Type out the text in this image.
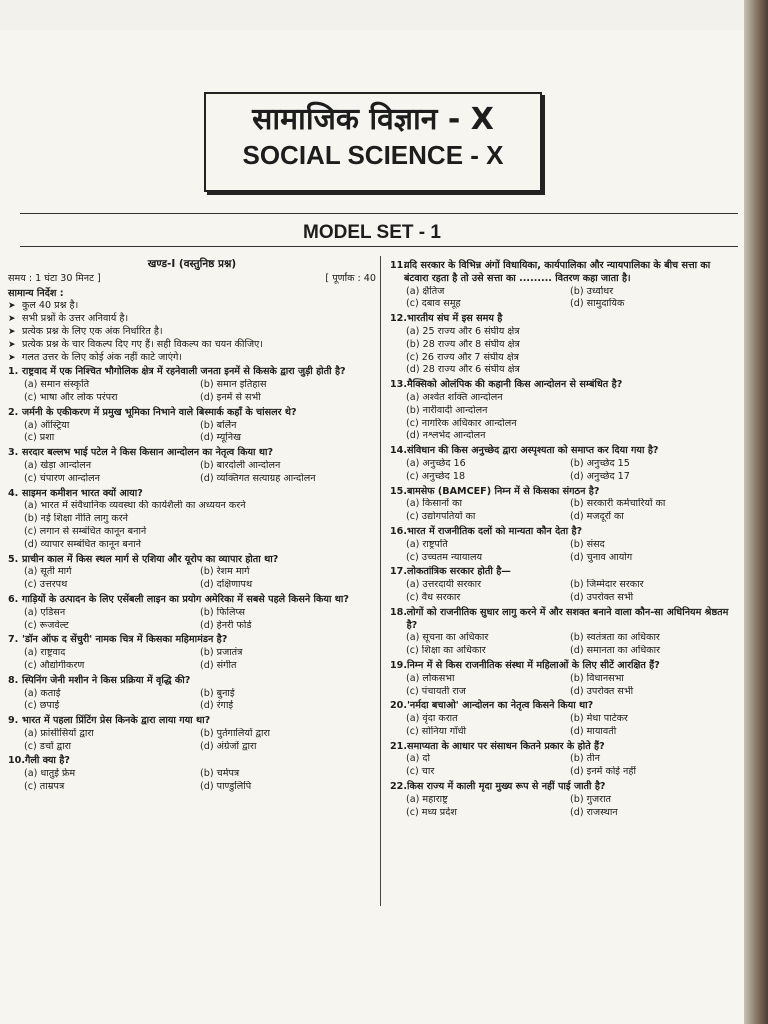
सामाजिक विज्ञान - X
SOCIAL SCIENCE - X
MODEL SET - 1
खण्ड-I (वस्तुनिष्ठ प्रश्न)
समय : 1 घंटा 30 मिनट ]	[ पूर्णांक : 40
सामान्य निर्देश :
➤ कुल 40 प्रश्न है।
➤ सभी प्रश्नों के उत्तर अनिवार्य है।
➤ प्रत्येक प्रश्न के लिए एक अंक निर्धारित है।
➤ प्रत्येक प्रश्न के चार विकल्प दिए गए हैं। सही विकल्प का चयन कीजिए।
➤ गलत उत्तर के लिए कोई अंक नहीं काटे जाएंगे।
1. राष्ट्रवाद में एक निश्चित भौगोलिक क्षेत्र में रहनेवाली जनता इनमें से किसके द्वारा जुड़ी होती है?
(a) समान संस्कृति	(b) समान इतिहास
(c) भाषा और लोक परंपरा	(d) इनमें से सभी
2. जर्मनी के एकीकरण में प्रमुख भूमिका निभाने वाले बिस्मार्क कहाँ के चांसलर थे?
(a) ऑस्ट्रिया	(b) बर्लिन
(c) प्रशा	(d) म्यूनिख
3. सरदार बल्लभ भाई पटेल ने किस किसान आन्दोलन का नेतृत्व किया था?
(a) खेड़ा आन्दोलन	(b) बारदोली आन्दोलन
(c) चंपारण आन्दोलन	(d) व्यक्तिगत सत्याग्रह आन्दोलन
4. साइमन कमीशन भारत क्यों आया?
(a) भारत में संवैधानिक व्यवस्था की कार्यशैली का अध्ययन करने
(b) नई शिक्षा नीति लागु करने
(c) लगान से सम्बंधित कानून बनाने
(d) व्यापार सम्बंधित कानून बनाने
5. प्राचीन काल में किस स्थल मार्ग से एशिया और यूरोप का व्यापार होता था?
(a) सूती मार्ग	(b) रेशम मार्ग
(c) उत्तरपथ	(d) दक्षिणापथ
6. गाड़ियों के उत्पादन के लिए एसेंबली लाइन का प्रयोग अमेरिका में सबसे पहले किसने किया था?
(a) एडिसन	(b) फिलिप्स
(c) रूजवेल्ट	(d) हेनरी फोर्ड
7. 'डॉन ऑफ द सेंचुरी' नामक चित्र में किसका महिमामंडन है?
(a) राष्ट्रवाद	(b) प्रजातंत्र
(c) औद्योगीकरण	(d) संगीत
8. स्पिनिंग जेनी मशीन ने किस प्रक्रिया में वृद्धि की?
(a) कताई	(b) बुनाई
(c) छपाई	(d) रंगाई
9. भारत में पहला प्रिंटिंग प्रेस किनके द्वारा लाया गया था?
(a) फ्रांसीसियों द्वारा	(b) पुर्तगालियों द्वारा
(c) डचों द्वारा	(d) अंग्रेजों द्वारा
10. गैली क्या है?
(a) धातुई फ्रेम	(b) चर्मपत्र
(c) ताम्रपत्र	(d) पाण्डुलिपि
11.
यदि सरकार के विभिन्न अंगों विधायिका, कार्यपालिका और न्यायपालिका के बीच सत्ता का बंटवारा रहता है तो उसे सत्ता का ......... वितरण कहा जाता है।
(a) क्षैतिज	(b) उर्ध्वाधर
(c) दबाव समूह	(d) सामुदायिक
12. भारतीय संघ में इस समय है
(a) 25 राज्य और 6 संघीय क्षेत्र
(b) 28 राज्य और 8 संघीय क्षेत्र
(c) 26 राज्य और 7 संघीय क्षेत्र
(d) 28 राज्य और 6 संघीय क्षेत्र
13. मैक्सिको ओलंपिक की कहानी किस आन्दोलन से सम्बंधित है?
(a) अश्वेत शक्ति आन्दोलन
(b) नारीवादी आन्दोलन
(c) नागरिक अधिकार आन्दोलन
(d) नश्लभेद आन्दोलन
14. संविधान की किस अनुच्छेद द्वारा अस्पृश्यता को समाप्त कर दिया गया है?
(a) अनुच्छेद 16	(b) अनुच्छेद 15
(c) अनुच्छेद 18	(d) अनुच्छेद 17
15. बामसेफ (BAMCEF) निम्न में से किसका संगठन है?
(a) किसानों का	(b) सरकारी कर्मचारियों का
(c) उद्योगपतियों का	(d) मजदूरों का
16. भारत में राजनीतिक दलों को मान्यता कौन देता है?
(a) राष्ट्रपति	(b) संसद
(c) उच्चतम न्यायालय	(d) चुनाव आयोग
17. लोकतांत्रिक सरकार होती है—
(a) उत्तरदायी सरकार	(b) जिम्मेदार सरकार
(c) वैध सरकार	(d) उपरोक्त सभी
18. लोगों को राजनीतिक सुधार लागु करने में और सशक्त बनाने वाला कौन-सा अधिनियम श्रेष्ठतम है?
(a) सूचना का अधिकार	(b) स्वतंत्रता का अधिकार
(c) शिक्षा का अधिकार	(d) समानता का अधिकार
19. निम्न में से किस राजनीतिक संस्था में महिलाओं के लिए सीटें आरक्षित हैं?
(a) लोकसभा	(b) विधानसभा
(c) पंचायती राज	(d) उपरोक्त सभी
20. 'नर्मदा बचाओ' आन्दोलन का नेतृत्व किसने किया था?
(a) वृंदा करात	(b) मेधा पाटेकर
(c) सोनिया गाँधी	(d) मायावती
21. समाप्यता के आधार पर संसाधन कितने प्रकार के होते हैं?
(a) दो	(b) तीन
(c) चार	(d) इनमें कोई नहीं
22. किस राज्य में काली मृदा मुख्य रूप से नहीं पाई जाती है?
(a) महाराष्ट्र	(b) गुजरात
(c) मध्य प्रदेश	(d) राजस्थान
